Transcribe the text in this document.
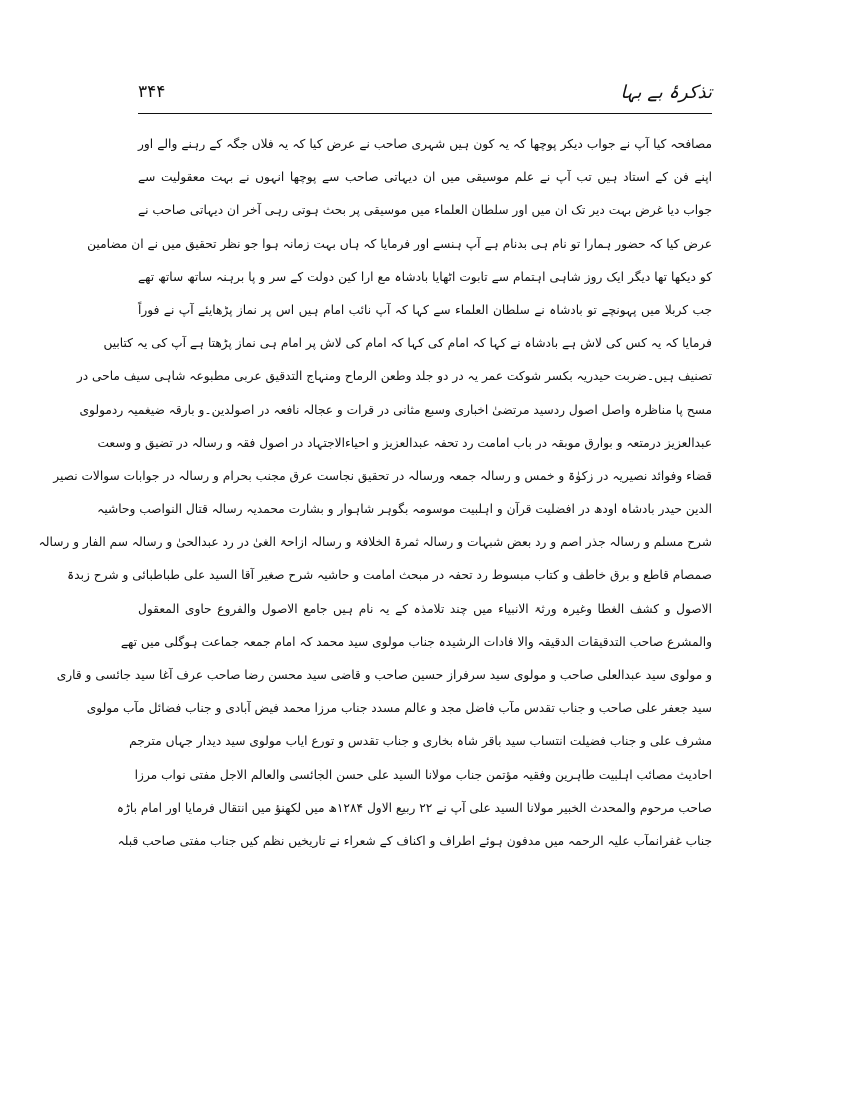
تذکرۂ بے بہا
۳۴۴
مصافحہ کیا آپ نے جواب دیکر پوچھا کہ یہ کون ہیں شہری صاحب نے عرض کیا کہ یہ فلاں جگہ کے رہنے والے اور
اپنے فن کے استاد ہیں تب آپ نے علم موسیقی میں ان دیہاتی صاحب سے پوچھا انہوں نے بہت معقولیت سے
جواب دیا غرض بہت دیر تک ان میں اور سلطان العلماء میں موسیقی پر بحث ہوتی رہی آخر ان دیہاتی صاحب نے
عرض کیا کہ حضور ہمارا تو نام ہی بدنام ہے آپ ہنسے اور فرمایا کہ ہاں بہت زمانہ ہوا جو نظر تحقیق میں نے ان مضامین
کو دیکھا تھا دیگر ایک روز شاہی اہتمام سے تابوت اٹھایا بادشاہ مع ارا کین دولت کے سر و پا برہنہ ساتھ ساتھ تھے
جب کربلا میں پہونچے تو بادشاہ نے سلطان العلماء سے کہا کہ آپ نائب امام ہیں اس پر نماز پڑھایئے آپ نے فوراً
فرمایا کہ یہ کس کی لاش ہے بادشاہ نے کہا کہ امام کی کہا کہ امام کی لاش پر امام ہی نماز پڑھتا ہے آپ کی یہ کتابیں
تصنیف ہیں۔ضربت حیدریہ بکسر شوکت عمر یہ در دو جلد وطعن الرماح ومنہاج التدقیق عربی مطبوعہ شاہی سیف ماحی در
مسح پا مناظرہ واصل اصول ردسید مرتضیٰ اخباری وسبع مثانی در قرات و عجالہ نافعہ در اصولدین۔و بارقہ ضیغمیہ ردمولوی
عبدالعزیز درمتعہ و بوارق موبقہ در باب امامت رد تحفہ عبدالعزیز و احیاءالاجتہاد در اصول فقہ و رسالہ در تضیق و وسعت
قضاء وفوائد نصیریہ در زکوٰۃ و خمس و رسالہ جمعہ ورسالہ در تحقیق نجاست عرق مجنب بحرام و رسالہ در جوابات سوالات نصیر
الدین حیدر بادشاہ اودھ در افضلیت قرآن و اہلبیت موسومہ بگوہر شاہوار و بشارت محمدیہ رسالہ قتال النواصب وحاشیہ
شرح مسلم و رسالہ جذر اصم و رد بعض شبہات و رسالہ ثمرۃ الخلافۃ و رسالہ ازاحۃ الغیٰ در رد عبدالحیٰ و رسالہ سم الفار و رسالہ
صمصام قاطع و برق خاطف و کتاب مبسوط رد تحفہ در مبحث امامت و حاشیہ شرح صغیر آقا السید علی طباطبائی و شرح زبدۃ
الاصول و کشف الغطا وغیرہ ورثۃ الانبیاء میں چند تلامذہ کے یہ نام ہیں جامع الاصول والفروع حاوی المعقول
والمشرع صاحب التدقیقات الدقیقہ والا فادات الرشیدہ جناب مولوی سید محمد کہ امام جمعہ جماعت ہوگلی میں تھے
و مولوی سید عبدالعلی صاحب و مولوی سید سرفراز حسین صاحب و قاضی سید محسن رضا صاحب عرف آغا سید جائسی و قاری
سید جعفر علی صاحب و جناب تقدس مآب فاضل مجد و عالم مسدد جناب مرزا محمد فیض آبادی و جناب فضائل مآب مولوی
مشرف علی و جناب فضیلت انتساب سید باقر شاہ بخاری و جناب تقدس و تورع ایاب مولوی سید دیدار جہاں مترجم
احادیث مصائب اہلبیت طاہرین وفقیہ مؤتمن جناب مولانا السید علی حسن الجائسی والعالم الاجل مفتی نواب مرزا
صاحب مرحوم والمحدث الخبیر مولانا السید علی آپ نے ۲۲ ربیع الاول ۱۲۸۴ھ میں لکھنؤ میں انتقال فرمایا اور امام باڑہ
جناب غفرانمآب علیہ الرحمہ میں مدفون ہوئے اطراف و اکناف کے شعراء نے تاریخیں نظم کیں جناب مفتی صاحب قبلہ
